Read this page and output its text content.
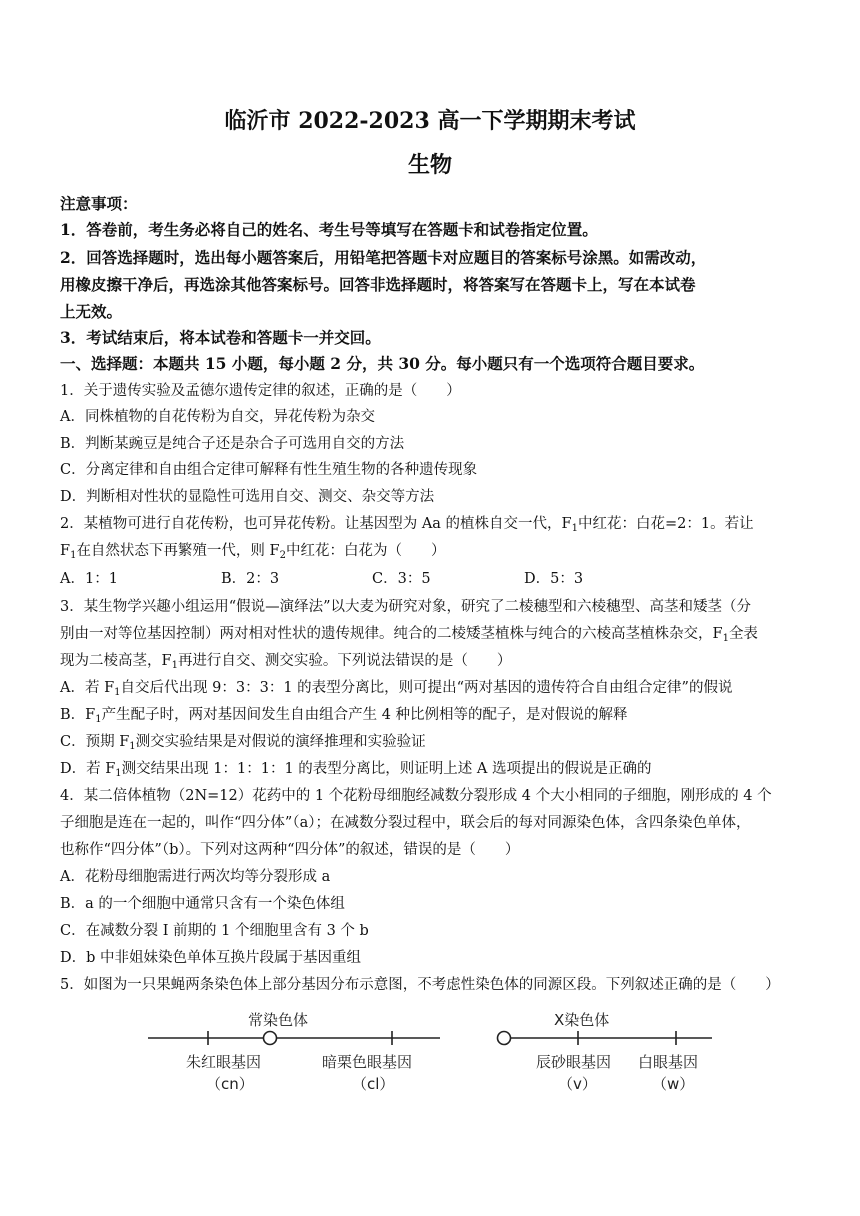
临沂市 2022-2023 高一下学期期末考试
生物
注意事项：
1．答卷前，考生务必将自己的姓名、考生号等填写在答题卡和试卷指定位置。
2．回答选择题时，选出每小题答案后，用铅笔把答题卡对应题目的答案标号涂黑。如需改动，
用橡皮擦干净后，再选涂其他答案标号。回答非选择题时，将答案写在答题卡上，写在本试卷
上无效。
3．考试结束后，将本试卷和答题卡一并交回。
一、选择题：本题共 15 小题，每小题 2 分，共 30 分。每小题只有一个选项符合题目要求。
1．关于遗传实验及孟德尔遗传定律的叙述，正确的是（　　）
A．同株植物的自花传粉为自交，异花传粉为杂交
B．判断某豌豆是纯合子还是杂合子可选用自交的方法
C．分离定律和自由组合定律可解释有性生殖生物的各种遗传现象
D．判断相对性状的显隐性可选用自交、测交、杂交等方法
2．某植物可进行自花传粉，也可异花传粉。让基因型为 Aa 的植株自交一代，$F_1$中红花：白花=2：1。若让
$F_1$在自然状态下再繁殖一代，则 $F_2$中红花：白花为（　　）
A．1：1	B．2：3	C．3：5	D．5：3
3．某生物学兴趣小组运用“假说—演绎法”以大麦为研究对象，研究了二棱穗型和六棱穗型、高茎和矮茎（分
别由一对等位基因控制）两对相对性状的遗传规律。纯合的二棱矮茎植株与纯合的六棱高茎植株杂交，$F_1$全表
现为二棱高茎，$F_1$再进行自交、测交实验。下列说法错误的是（　　）
A．若 $F_1$自交后代出现 9：3：3：1 的表型分离比，则可提出“两对基因的遗传符合自由组合定律”的假说
B．$F_1$产生配子时，两对基因间发生自由组合产生 4 种比例相等的配子，是对假说的解释
C．预期 $F_1$测交实验结果是对假说的演绎推理和实验验证
D．若 $F_1$测交结果出现 1：1：1：1 的表型分离比，则证明上述 A 选项提出的假说是正确的
4．某二倍体植物（2N=12）花药中的 1 个花粉母细胞经减数分裂形成 4 个大小相同的子细胞，刚形成的 4 个
子细胞是连在一起的，叫作“四分体”（a）；在减数分裂过程中，联会后的每对同源染色体，含四条染色单体，
也称作“四分体”（b）。下列对这两种“四分体”的叙述，错误的是（　　）
A．花粉母细胞需进行两次均等分裂形成 a
B．a 的一个细胞中通常只含有一个染色体组
C．在减数分裂 I 前期的 1 个细胞里含有 3 个 b
D．b 中非姐妹染色单体互换片段属于基因重组
5．如图为一只果蝇两条染色体上部分基因分布示意图，不考虑性染色体的同源区段。下列叙述正确的是（　　）
常染色体
朱红眼基因
（cn）
暗栗色眼基因
（cl）
X染色体
辰砂眼基因
（v）
白眼基因
（w）
